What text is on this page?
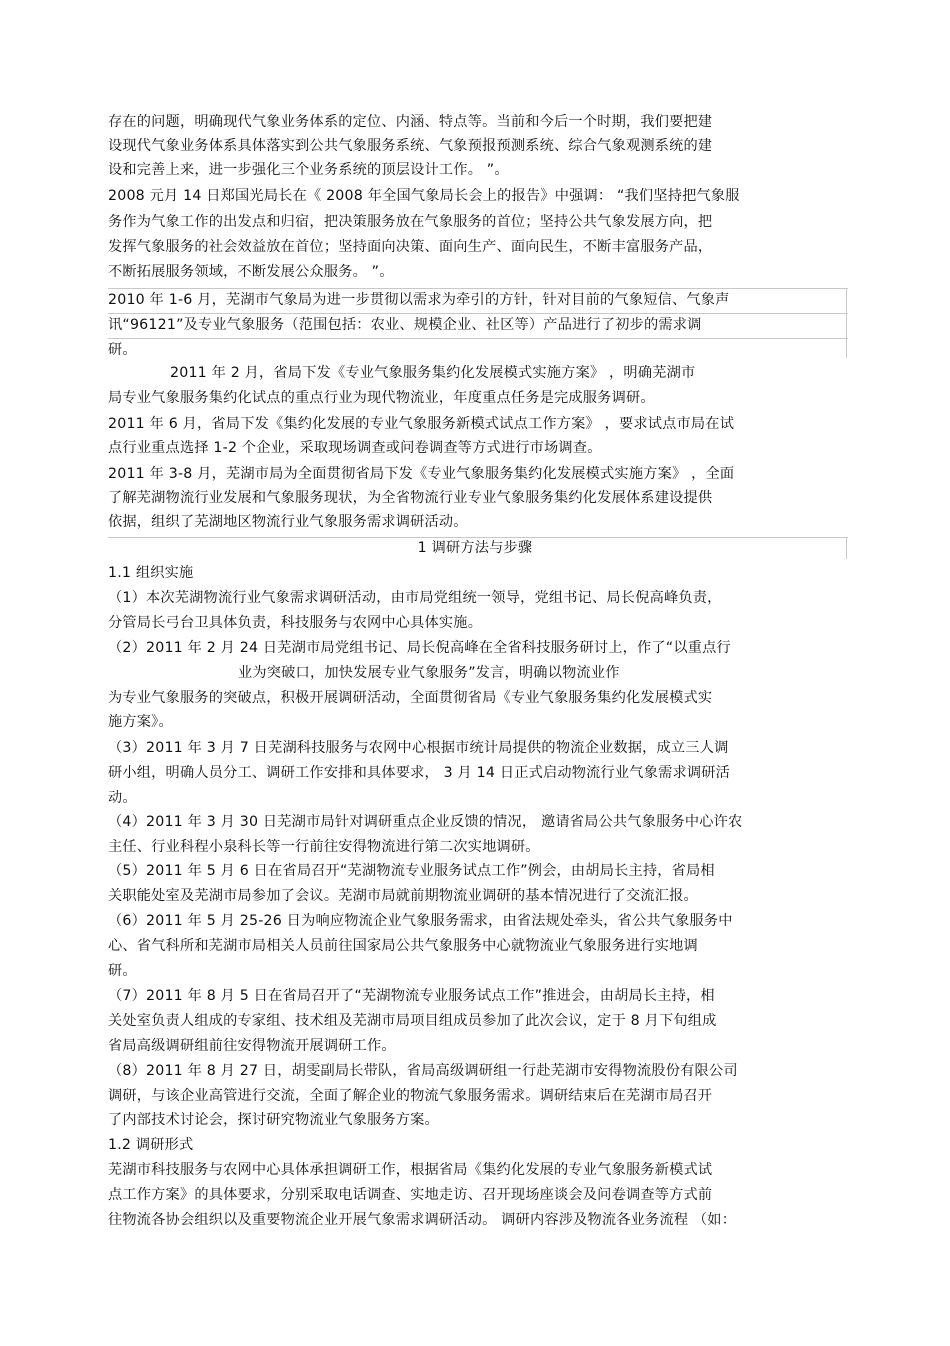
存在的问题，明确现代气象业务体系的定位、内涵、特点等。当前和今后一个时期，我们要把建
设现代气象业务体系具体落实到公共气象服务系统、气象预报预测系统、综合气象观测系统的建
设和完善上来，进一步强化三个业务系统的顶层设计工作。 ”。
2008 元月 14 日郑国光局长在《 2008 年全国气象局长会上的报告》中强调： “我们坚持把气象服
务作为气象工作的出发点和归宿，把决策服务放在气象服务的首位；坚持公共气象发展方向，把
发挥气象服务的社会效益放在首位；坚持面向决策、面向生产、面向民生，不断丰富服务产品，
不断拓展服务领域，不断发展公众服务。 ”。
2010 年 1-6 月，芜湖市气象局为进一步贯彻以需求为牵引的方针，针对目前的气象短信、气象声
讯“96121”及专业气象服务（范围包括：农业、规模企业、社区等）产品进行了初步的需求调
研。
2011 年 2 月，省局下发《专业气象服务集约化发展模式实施方案》 ，明确芜湖市
局专业气象服务集约化试点的重点行业为现代物流业，年度重点任务是完成服务调研。
2011 年 6 月，省局下发《集约化发展的专业气象服务新模式试点工作方案》 ，要求试点市局在试
点行业重点选择 1-2 个企业，采取现场调查或问卷调查等方式进行市场调查。
2011 年 3-8 月，芜湖市局为全面贯彻省局下发《专业气象服务集约化发展模式实施方案》 ，全面
了解芜湖物流行业发展和气象服务现状，为全省物流行业专业气象服务集约化发展体系建设提供
依据，组织了芜湖地区物流行业气象服务需求调研活动。
1 调研方法与步骤
1.1 组织实施
（1）本次芜湖物流行业气象需求调研活动，由市局党组统一领导，党组书记、局长倪高峰负责，
分管局长弓台卫具体负责，科技服务与农网中心具体实施。
（2）2011 年 2 月 24 日芜湖市局党组书记、局长倪高峰在全省科技服务研讨上，作了“以重点行
业为突破口，加快发展专业气象服务”发言，明确以物流业作
为专业气象服务的突破点，积极开展调研活动，全面贯彻省局《专业气象服务集约化发展模式实
施方案》。
（3）2011 年 3 月 7 日芜湖科技服务与农网中心根据市统计局提供的物流企业数据，成立三人调
研小组，明确人员分工、调研工作安排和具体要求， 3 月 14 日正式启动物流行业气象需求调研活
动。
（4）2011 年 3 月 30 日芜湖市局针对调研重点企业反馈的情况， 邀请省局公共气象服务中心许农
主任、行业科程小泉科长等一行前往安得物流进行第二次实地调研。
（5）2011 年 5 月 6 日在省局召开“芜湖物流专业服务试点工作”例会，由胡局长主持，省局相
关职能处室及芜湖市局参加了会议。芜湖市局就前期物流业调研的基本情况进行了交流汇报。
（6）2011 年 5 月 25-26 日为响应物流企业气象服务需求，由省法规处牵头，省公共气象服务中
心、省气科所和芜湖市局相关人员前往国家局公共气象服务中心就物流业气象服务进行实地调
研。
（7）2011 年 8 月 5 日在省局召开了“芜湖物流专业服务试点工作”推进会，由胡局长主持，相
关处室负责人组成的专家组、技术组及芜湖市局项目组成员参加了此次会议，定于 8 月下旬组成
省局高级调研组前往安得物流开展调研工作。
（8）2011 年 8 月 27 日，胡雯副局长带队，省局高级调研组一行赴芜湖市安得物流股份有限公司
调研，与该企业高管进行交流，全面了解企业的物流气象服务需求。调研结束后在芜湖市局召开
了内部技术讨论会，探讨研究物流业气象服务方案。
1.2 调研形式
芜湖市科技服务与农网中心具体承担调研工作，根据省局《集约化发展的专业气象服务新模式试
点工作方案》的具体要求，分别采取电话调查、实地走访、召开现场座谈会及问卷调查等方式前
往物流各协会组织以及重要物流企业开展气象需求调研活动。 调研内容涉及物流各业务流程 （如：
